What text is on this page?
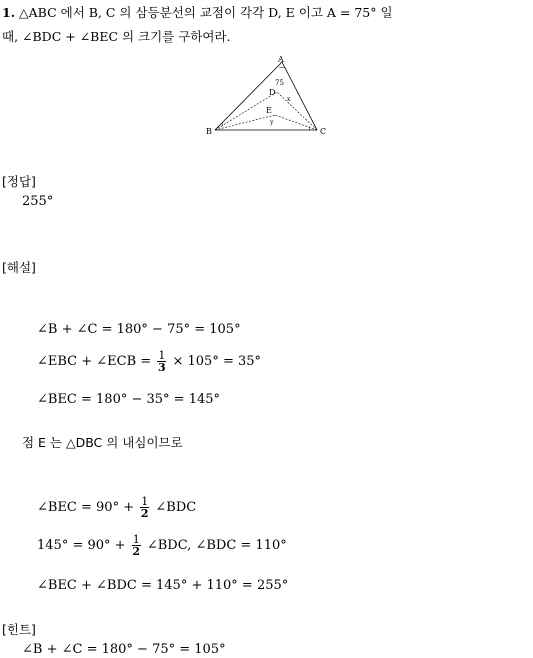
1. △ABC 에서 B, C 의 삼등분선의 교점이 각각 D, E 이고 A = 75° 일
때, ∠BDC + ∠BEC 의 크기를 구하여라.
A
B	C
D
E
75
x
y
[정답]
255°
[해설]
∠B + ∠C = 180° − 75° = 105°
∠EBC + ∠ECB = $\frac{1}{3} \times 105^\circ = 35^\circ$
∠BEC = 180° − 35° = 145°
점 E 는 △DBC 의 내심이므로
∠BEC = $90^\circ + \frac{1}{2}$ ∠BDC
$145^\circ = 90^\circ + \frac{1}{2}$ ∠BDC, ∠BDC = 110°
∠BEC + ∠BDC = 145° + 110° = 255°
[힌트]
∠B + ∠C = 180° − 75° = 105°
